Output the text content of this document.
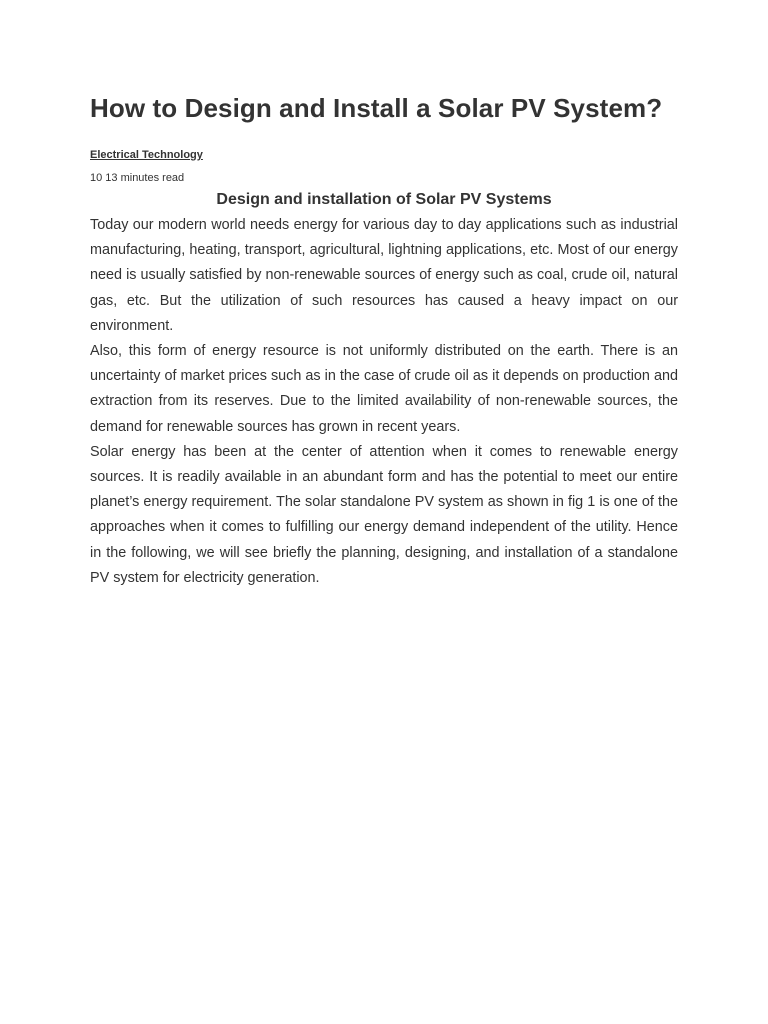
How to Design and Install a Solar PV System?
Electrical Technology
10 13 minutes read
Design and installation of Solar PV Systems

Today our modern world needs energy for various day to day applications such as industrial manufacturing, heating, transport, agricultural, lightning applications, etc. Most of our energy need is usually satisfied by non-renewable sources of energy such as coal, crude oil, natural gas, etc. But the utilization of such resources has caused a heavy impact on our environment.

Also, this form of energy resource is not uniformly distributed on the earth. There is an uncertainty of market prices such as in the case of crude oil as it depends on production and extraction from its reserves. Due to the limited availability of non-renewable sources, the demand for renewable sources has grown in recent years.

Solar energy has been at the center of attention when it comes to renewable energy sources. It is readily available in an abundant form and has the potential to meet our entire planet’s energy requirement. The solar standalone PV system as shown in fig 1 is one of the approaches when it comes to fulfilling our energy demand independent of the utility. Hence in the following, we will see briefly the planning, designing, and installation of a standalone PV system for electricity generation.
